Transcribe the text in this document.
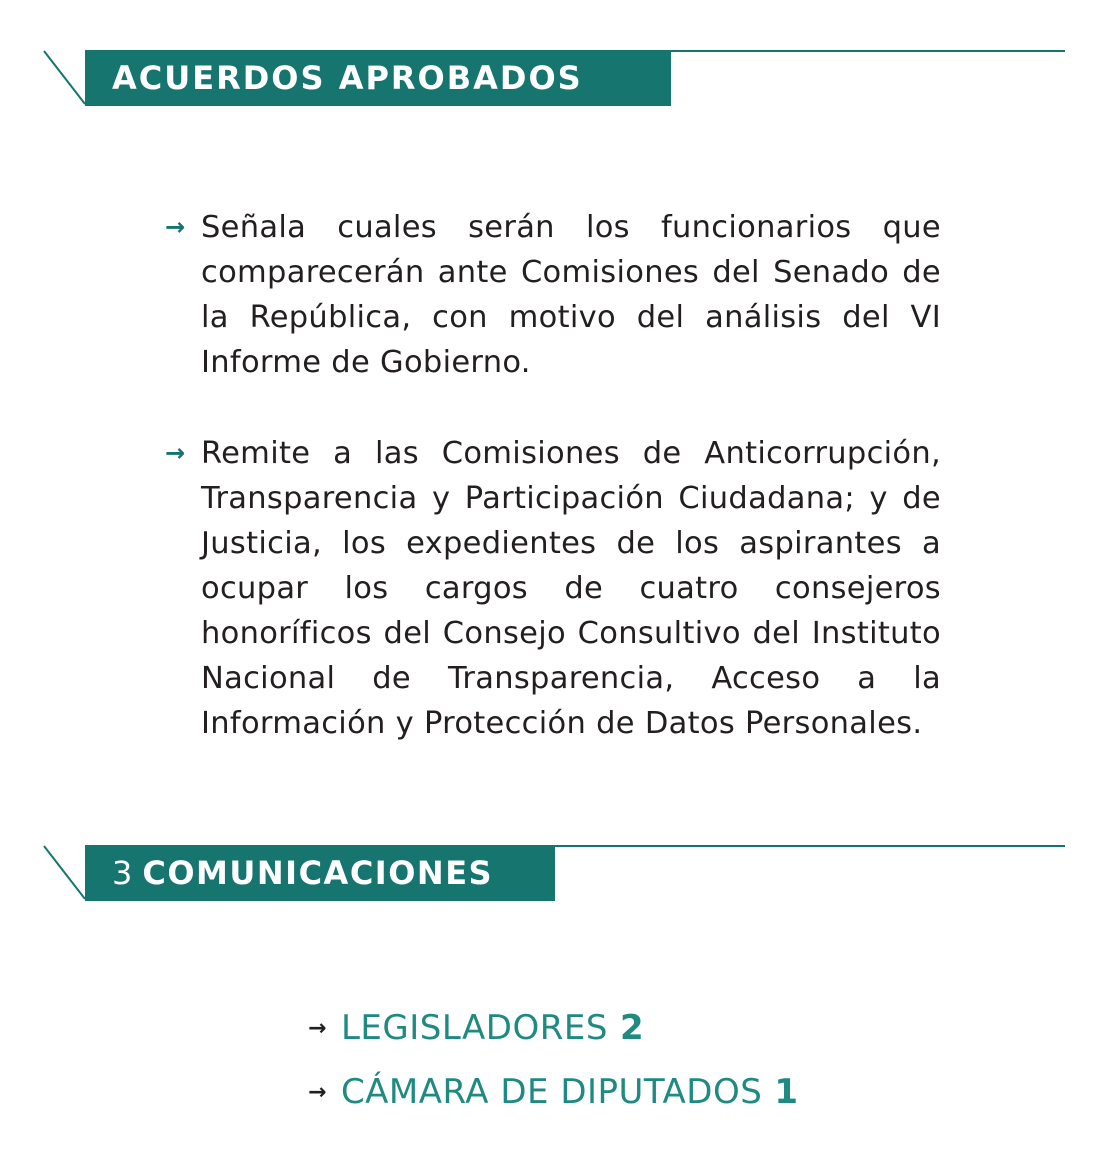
ACUERDOS APROBADOS
→ Señala cuales serán los funcionarios que comparecerán ante Comisiones del Senado de la República, con motivo del análisis del VI Informe de Gobierno.
→ Remite a las Comisiones de Anticorrupción, Transparencia y Participación Ciudadana; y de Justicia, los expedientes de los aspirantes a ocupar los cargos de cuatro consejeros honoríficos del Consejo Consultivo del Instituto Nacional de Transparencia, Acceso a la Información y Protección de Datos Personales.
3 COMUNICACIONES
→ LEGISLADORES 2
→ CÁMARA DE DIPUTADOS 1
